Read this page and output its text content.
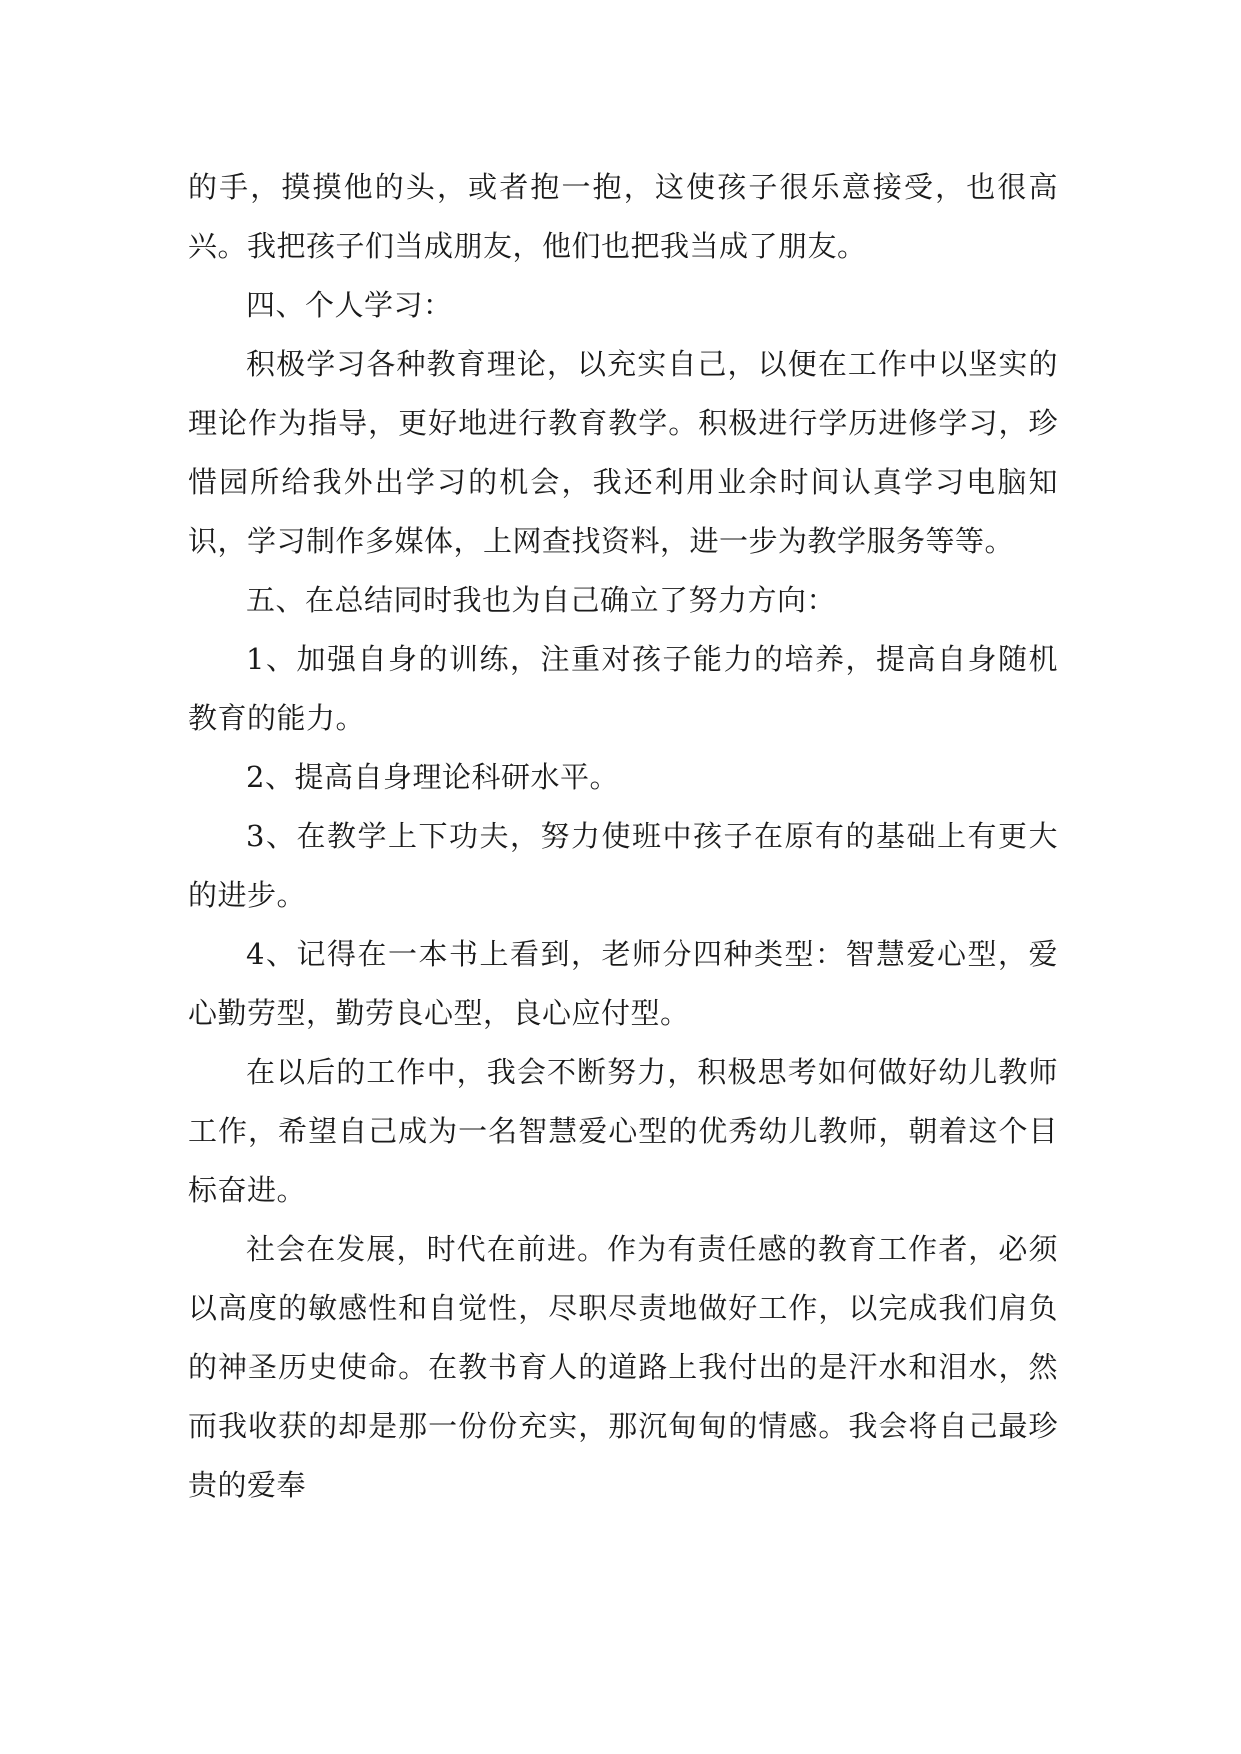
的手，摸摸他的头，或者抱一抱，这使孩子很乐意接受，也很高兴。我把孩子们当成朋友，他们也把我当成了朋友。

四、个人学习：

积极学习各种教育理论，以充实自己，以便在工作中以坚实的理论作为指导，更好地进行教育教学。积极进行学历进修学习，珍惜园所给我外出学习的机会，我还利用业余时间认真学习电脑知识，学习制作多媒体，上网查找资料，进一步为教学服务等等。

五、在总结同时我也为自己确立了努力方向：

1、加强自身的训练，注重对孩子能力的培养，提高自身随机教育的能力。

2、提高自身理论科研水平。

3、在教学上下功夫，努力使班中孩子在原有的基础上有更大的进步。

4、记得在一本书上看到，老师分四种类型：智慧爱心型，爱心勤劳型，勤劳良心型，良心应付型。

在以后的工作中，我会不断努力，积极思考如何做好幼儿教师工作，希望自己成为一名智慧爱心型的优秀幼儿教师，朝着这个目标奋进。

社会在发展，时代在前进。作为有责任感的教育工作者，必须以高度的敏感性和自觉性，尽职尽责地做好工作，以完成我们肩负的神圣历史使命。在教书育人的道路上我付出的是汗水和泪水，然而我收获的却是那一份份充实，那沉甸甸的情感。我会将自己最珍贵的爱奉
